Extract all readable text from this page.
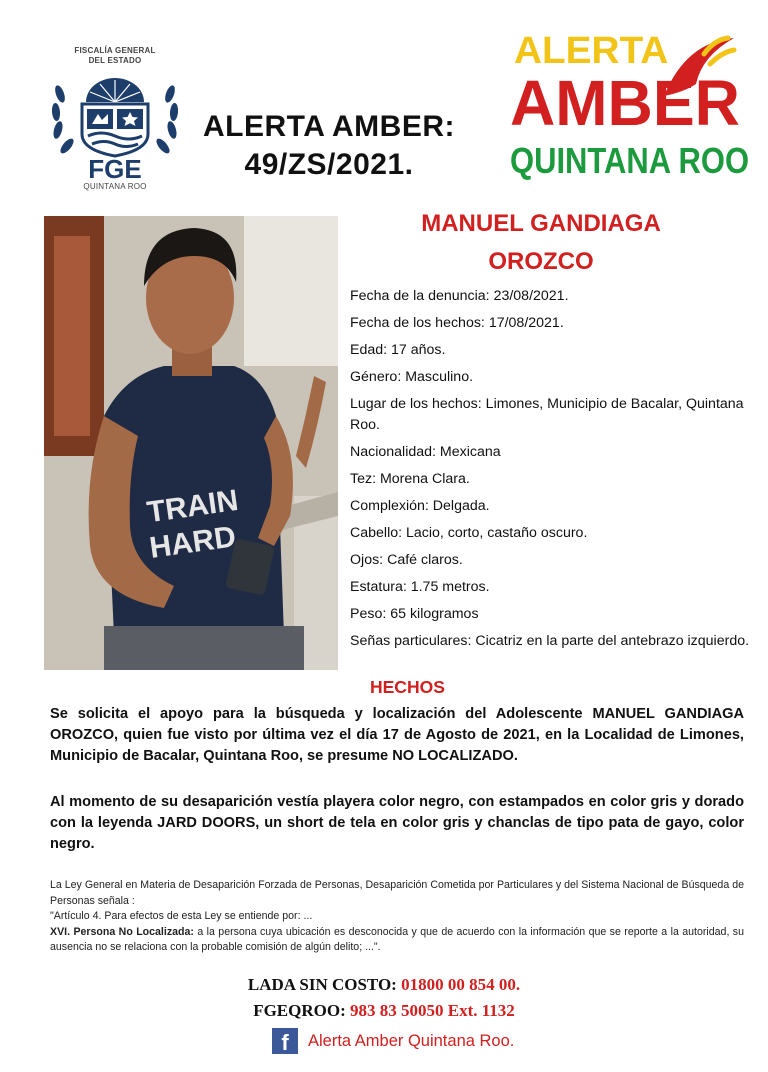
FISCALÍA GENERAL
DEL ESTADO
FGE
QUINTANA ROO
ALERTA AMBER:
49/ZS/2021.
ALERTA
AMBER
QUINTANA ROO
TRAIN
HARD
MANUEL GANDIAGA
OROZCO
Fecha de la denuncia: 23/08/2021.
Fecha de los hechos: 17/08/2021.
Edad: 17 años.
Género: Masculino.
Lugar de los hechos: Limones, Municipio de Bacalar, Quintana Roo.
Nacionalidad: Mexicana
Tez: Morena Clara.
Complexión: Delgada.
Cabello: Lacio, corto, castaño oscuro.
Ojos: Café claros.
Estatura: 1.75 metros.
Peso: 65 kilogramos
Señas particulares: Cicatriz en la parte del antebrazo izquierdo.
HECHOS
Se solicita el apoyo para la búsqueda y localización del Adolescente MANUEL GANDIAGA OROZCO, quien fue visto por última vez el día 17 de Agosto de 2021, en la Localidad de Limones, Municipio de Bacalar, Quintana Roo, se presume NO LOCALIZADO.
Al momento de su desaparición vestía playera color negro, con estampados en color gris y dorado con la leyenda JARD DOORS, un short de tela en color gris y chanclas de tipo pata de gayo, color negro.

La Ley General en Materia de Desaparición Forzada de Personas, Desaparición Cometida por Particulares y del Sistema Nacional de Búsqueda de Personas señala :

"Artículo 4. Para efectos de esta Ley se entiende por: ...

XVI. Persona No Localizada: a la persona cuya ubicación es desconocida y que de acuerdo con la información que se reporte a la autoridad, su ausencia no se relaciona con la probable comisión de algún delito; ...".

LADA SIN COSTO: 01800 00 854 00.
FGEQROO: 983 83 50050 Ext. 1132
f	Alerta Amber Quintana Roo.
